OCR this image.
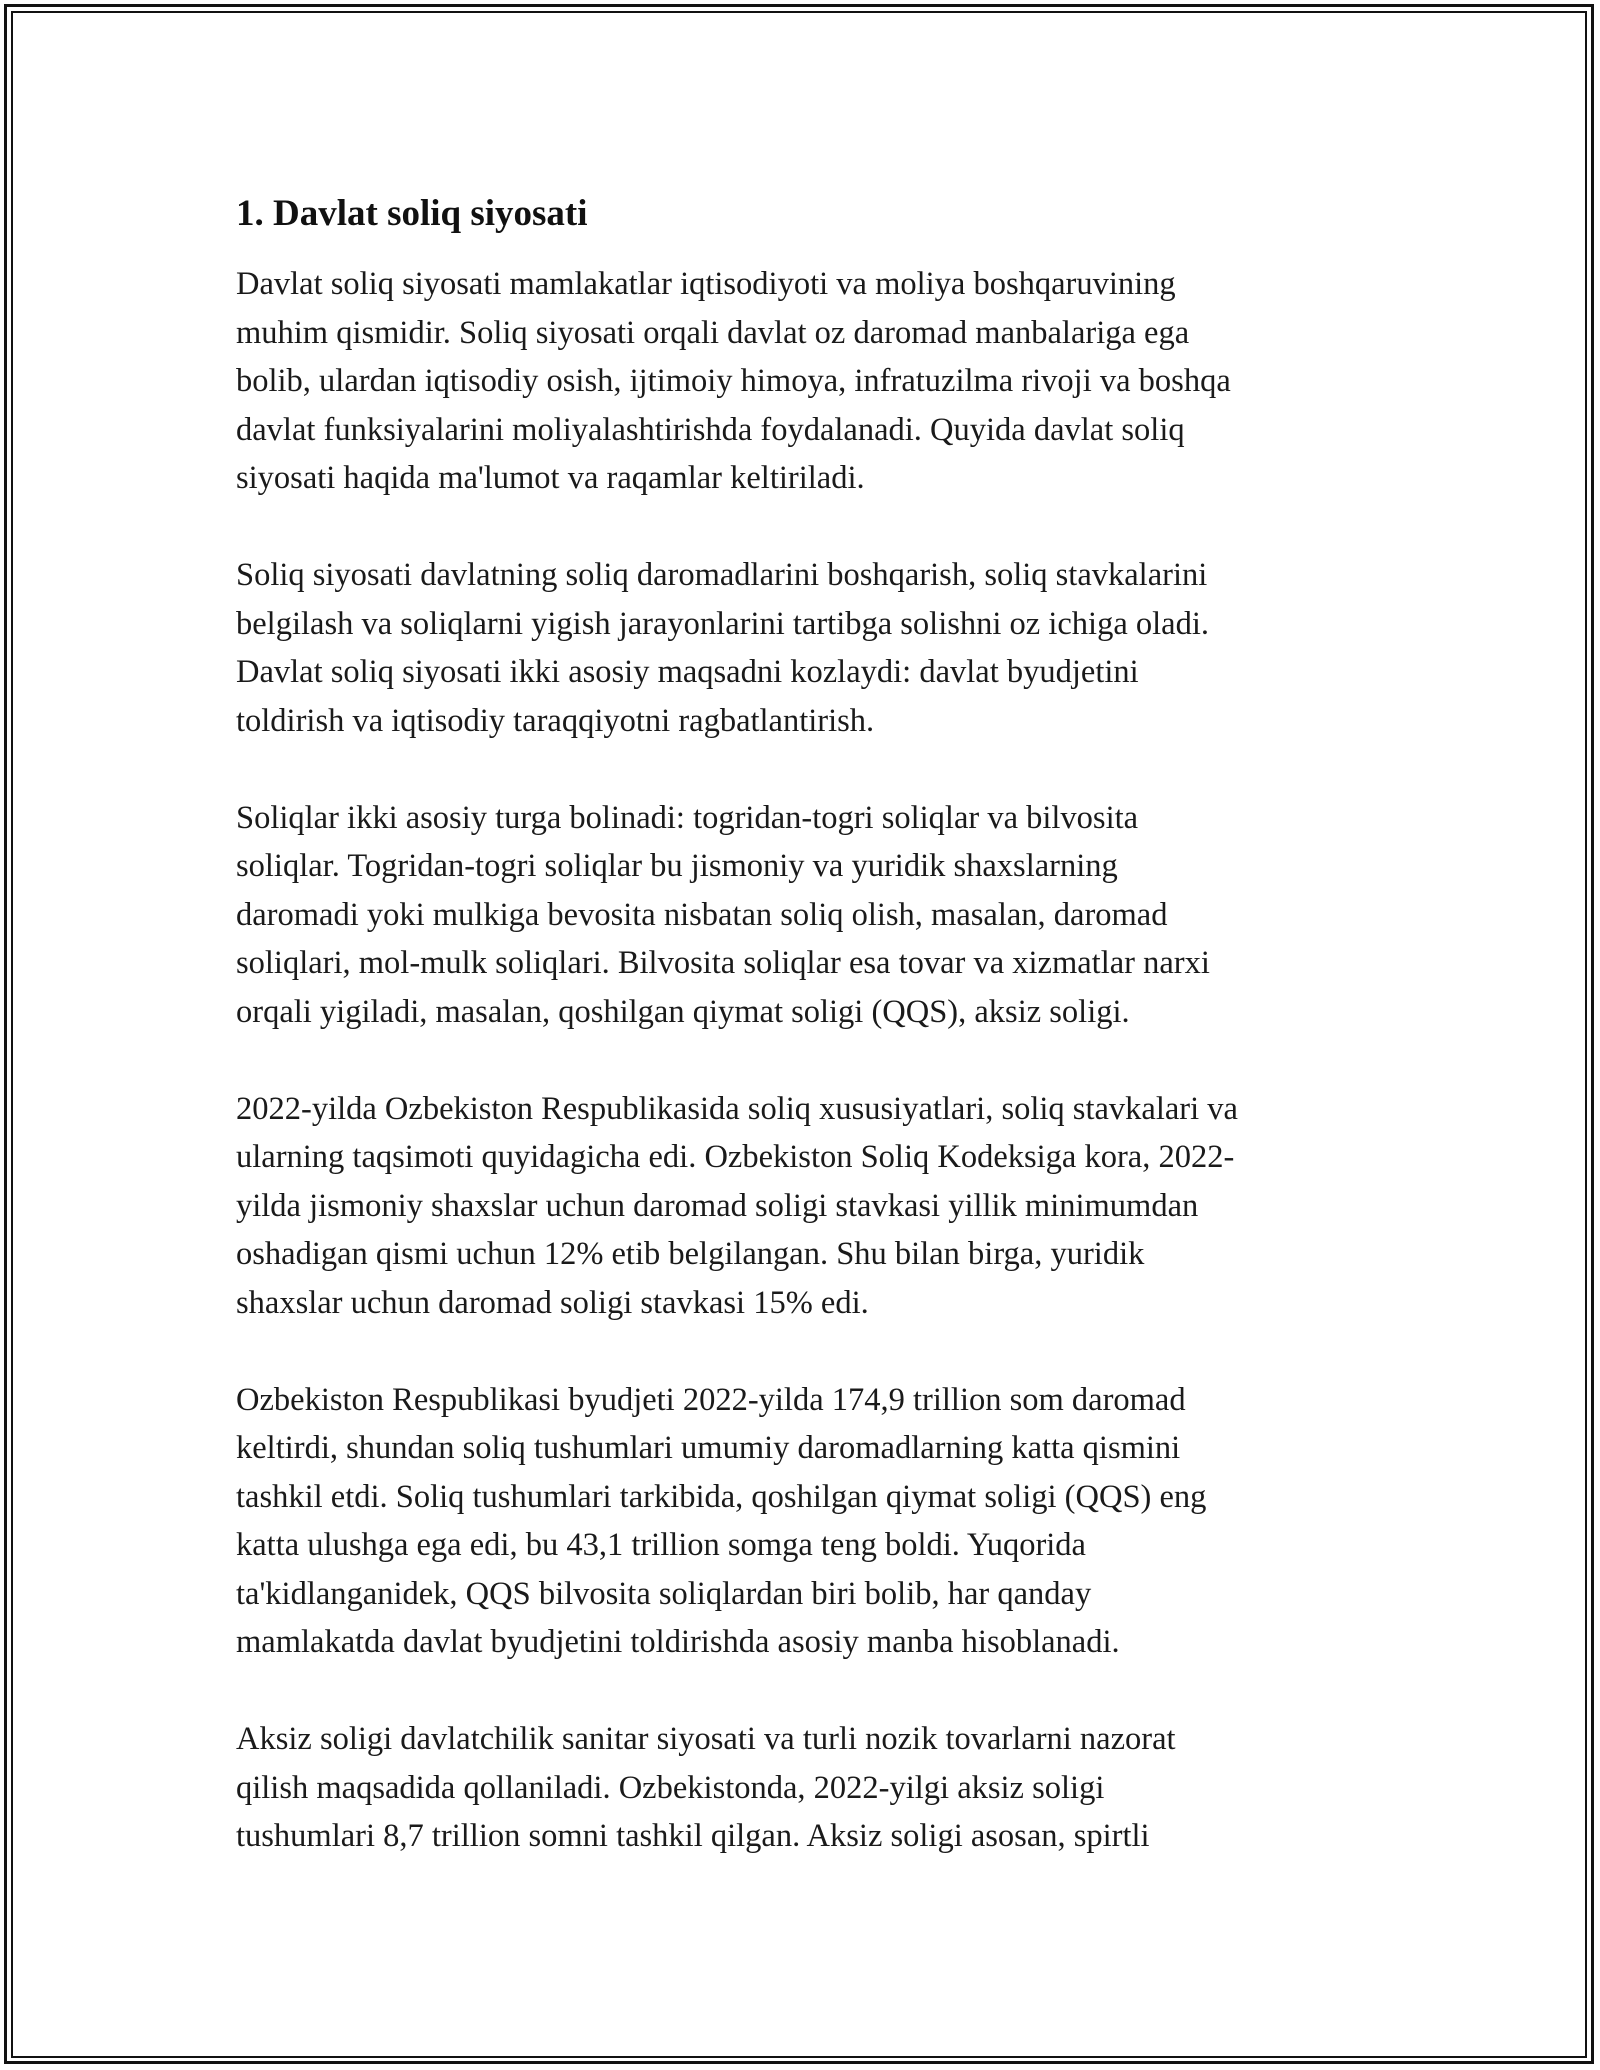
1. Davlat soliq siyosati

Davlat soliq siyosati mamlakatlar iqtisodiyoti va moliya boshqaruvining
muhim qismidir. Soliq siyosati orqali davlat oz daromad manbalariga ega
bolib, ulardan iqtisodiy osish, ijtimoiy himoya, infratuzilma rivoji va boshqa
davlat funksiyalarini moliyalashtirishda foydalanadi. Quyida davlat soliq
siyosati haqida ma'lumot va raqamlar keltiriladi.

Soliq siyosati davlatning soliq daromadlarini boshqarish, soliq stavkalarini
belgilash va soliqlarni yigish jarayonlarini tartibga solishni oz ichiga oladi.
Davlat soliq siyosati ikki asosiy maqsadni kozlaydi: davlat byudjetini
toldirish va iqtisodiy taraqqiyotni ragbatlantirish.

Soliqlar ikki asosiy turga bolinadi: togridan-togri soliqlar va bilvosita
soliqlar. Togridan-togri soliqlar bu jismoniy va yuridik shaxslarning
daromadi yoki mulkiga bevosita nisbatan soliq olish, masalan, daromad
soliqlari, mol-mulk soliqlari. Bilvosita soliqlar esa tovar va xizmatlar narxi
orqali yigiladi, masalan, qoshilgan qiymat soligi (QQS), aksiz soligi.

2022-yilda Ozbekiston Respublikasida soliq xususiyatlari, soliq stavkalari va
ularning taqsimoti quyidagicha edi. Ozbekiston Soliq Kodeksiga kora, 2022-
yilda jismoniy shaxslar uchun daromad soligi stavkasi yillik minimumdan
oshadigan qismi uchun 12% etib belgilangan. Shu bilan birga, yuridik
shaxslar uchun daromad soligi stavkasi 15% edi.

Ozbekiston Respublikasi byudjeti 2022-yilda 174,9 trillion som daromad
keltirdi, shundan soliq tushumlari umumiy daromadlarning katta qismini
tashkil etdi. Soliq tushumlari tarkibida, qoshilgan qiymat soligi (QQS) eng
katta ulushga ega edi, bu 43,1 trillion somga teng boldi. Yuqorida
ta'kidlanganidek, QQS bilvosita soliqlardan biri bolib, har qanday
mamlakatda davlat byudjetini toldirishda asosiy manba hisoblanadi.

Aksiz soligi davlatchilik sanitar siyosati va turli nozik tovarlarni nazorat
qilish maqsadida qollaniladi. Ozbekistonda, 2022-yilgi aksiz soligi
tushumlari 8,7 trillion somni tashkil qilgan. Aksiz soligi asosan, spirtli
